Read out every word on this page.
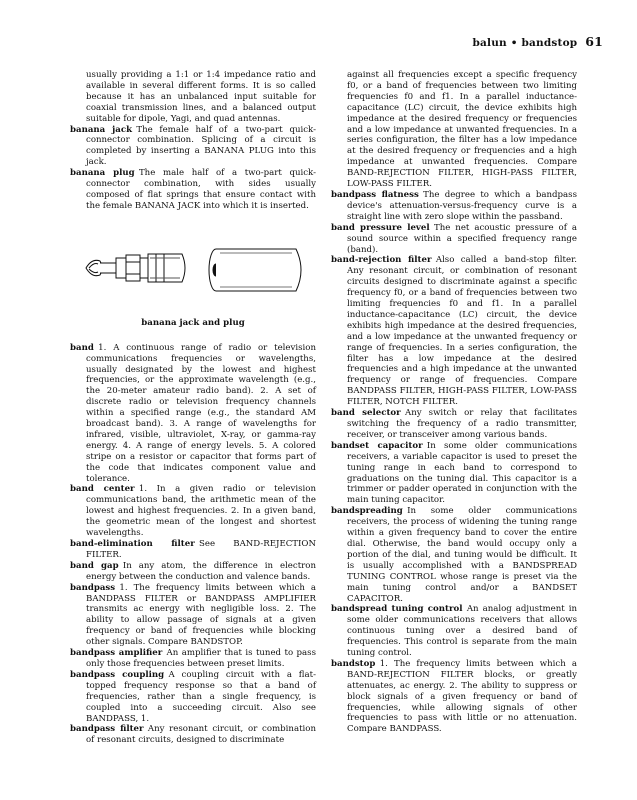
balun • bandstop 61

usually providing a 1:1 or 1:4 impedance ratio and available in several different forms. It is so called because it has an unbalanced input suitable for coaxial transmission lines, and a balanced output suitable for dipole, Yagi, and quad antennas.

banana jack  The female half of a two-part quick-connector combination. Splicing of a circuit is completed by inserting a BANANA PLUG into this jack.

banana plug  The male half of a two-part quick-connector combination, with sides usually composed of flat springs that ensure contact with the female BANANA JACK into which it is inserted.

banana jack and plug

band  1. A continuous range of radio or television communications frequencies or wavelengths, usually designated by the lowest and highest frequencies, or the approximate wavelength (e.g., the 20-meter amateur radio band). 2. A set of discrete radio or television frequency channels within a specified range (e.g., the standard AM broadcast band). 3. A range of wavelengths for infrared, visible, ultraviolet, X-ray, or gamma-ray energy. 4. A range of energy levels. 5. A colored stripe on a resistor or capacitor that forms part of the code that indicates component value and tolerance.

band center  1. In a given radio or television communications band, the arithmetic mean of the lowest and highest frequencies. 2. In a given band, the geometric mean of the longest and shortest wavelengths.

band-elimination filter  See BAND-REJECTION FILTER.

band gap  In any atom, the difference in electron energy between the conduction and valence bands.

bandpass  1. The frequency limits between which a BANDPASS FILTER or BANDPASS AMPLIFIER transmits ac energy with negligible loss. 2. The ability to allow passage of signals at a given frequency or band of frequencies while blocking other signals. Compare BANDSTOP.

bandpass amplifier  An amplifier that is tuned to pass only those frequencies between preset limits.

bandpass coupling  A coupling circuit with a flat-topped frequency response so that a band of frequencies, rather than a single frequency, is coupled into a succeeding circuit. Also see BANDPASS, 1.

bandpass filter  Any resonant circuit, or combination of resonant circuits, designed to discriminate

against all frequencies except a specific frequency f0, or a band of frequencies between two limiting frequencies f0 and f1. In a parallel inductance-capacitance (LC) circuit, the device exhibits high impedance at the desired frequency or frequencies and a low impedance at unwanted frequencies. In a series configuration, the filter has a low impedance at the desired frequency or frequencies and a high impedance at unwanted frequencies. Compare BAND-REJECTION FILTER, HIGH-PASS FILTER, LOW-PASS FILTER.

bandpass flatness  The degree to which a bandpass device's attenuation-versus-frequency curve is a straight line with zero slope within the passband.

band pressure level  The net acoustic pressure of a sound source within a specified frequency range (band).

band-rejection filter  Also called a band-stop filter. Any resonant circuit, or combination of resonant circuits designed to discriminate against a specific frequency f0, or a band of frequencies between two limiting frequencies f0 and f1. In a parallel inductance-capacitance (LC) circuit, the device exhibits high impedance at the desired frequencies, and a low impedance at the unwanted frequency or range of frequencies. In a series configuration, the filter has a low impedance at the desired frequencies and a high impedance at the unwanted frequency or range of frequencies. Compare BANDPASS FILTER, HIGH-PASS FILTER, LOW-PASS FILTER, NOTCH FILTER.

band selector  Any switch or relay that facilitates switching the frequency of a radio transmitter, receiver, or transceiver among various bands.

bandset capacitor  In some older communications receivers, a variable capacitor is used to preset the tuning range in each band to correspond to graduations on the tuning dial. This capacitor is a trimmer or padder operated in conjunction with the main tuning capacitor.

bandspreading  In some older communications receivers, the process of widening the tuning range within a given frequency band to cover the entire dial. Otherwise, the band would occupy only a portion of the dial, and tuning would be difficult. It is usually accomplished with a BANDSPREAD TUNING CONTROL whose range is preset via the main tuning control and/or a BANDSET CAPACITOR.

bandspread tuning control  An analog adjustment in some older communications receivers that allows continuous tuning over a desired band of frequencies. This control is separate from the main tuning control.

bandstop  1. The frequency limits between which a BAND-REJECTION FILTER blocks, or greatly attenuates, ac energy. 2. The ability to suppress or block signals of a given frequency or band of frequencies, while allowing signals of other frequencies to pass with little or no attenuation. Compare BANDPASS.
